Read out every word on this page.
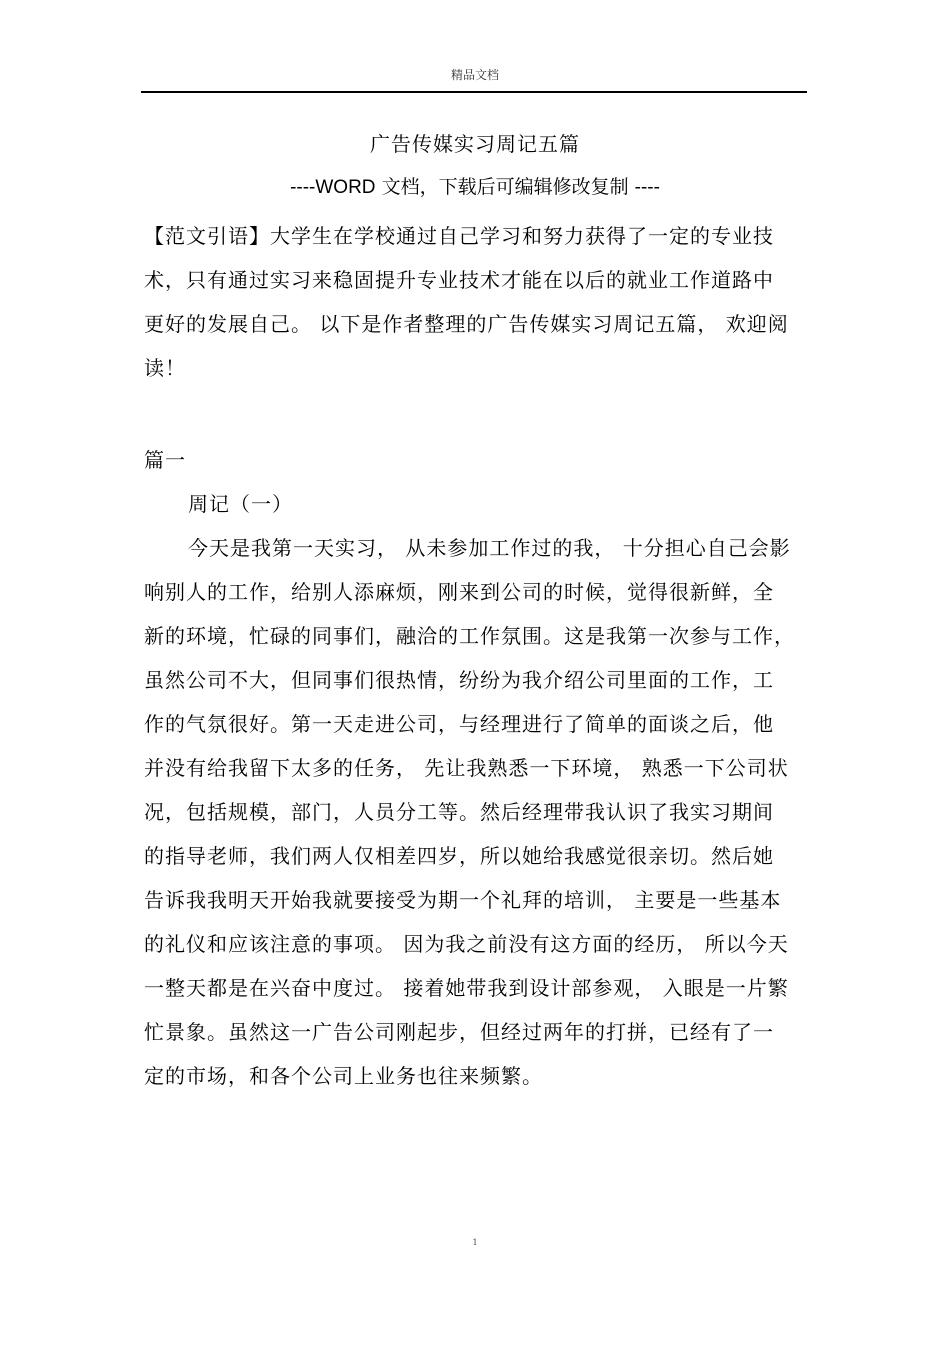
精品文档
广告传媒实习周记五篇
----WORD 文档，下载后可编辑修改复制 ----
【范文引语】大学生在学校通过自己学习和努力获得了一定的专业技
术，只有通过实习来稳固提升专业技术才能在以后的就业工作道路中
更好的发展自己。 以下是作者整理的广告传媒实习周记五篇， 欢迎阅
读！
篇一
周记（一）
今天是我第一天实习， 从未参加工作过的我， 十分担心自己会影
响别人的工作，给别人添麻烦，刚来到公司的时候，觉得很新鲜，全
新的环境，忙碌的同事们，融洽的工作氛围。这是我第一次参与工作，
虽然公司不大，但同事们很热情，纷纷为我介绍公司里面的工作，工
作的气氛很好。第一天走进公司，与经理进行了简单的面谈之后，他
并没有给我留下太多的任务， 先让我熟悉一下环境， 熟悉一下公司状
况，包括规模，部门，人员分工等。然后经理带我认识了我实习期间
的指导老师，我们两人仅相差四岁，所以她给我感觉很亲切。然后她
告诉我我明天开始我就要接受为期一个礼拜的培训， 主要是一些基本
的礼仪和应该注意的事项。 因为我之前没有这方面的经历， 所以今天
一整天都是在兴奋中度过。 接着她带我到设计部参观， 入眼是一片繁
忙景象。虽然这一广告公司刚起步，但经过两年的打拼，已经有了一
定的市场，和各个公司上业务也往来频繁。
1
